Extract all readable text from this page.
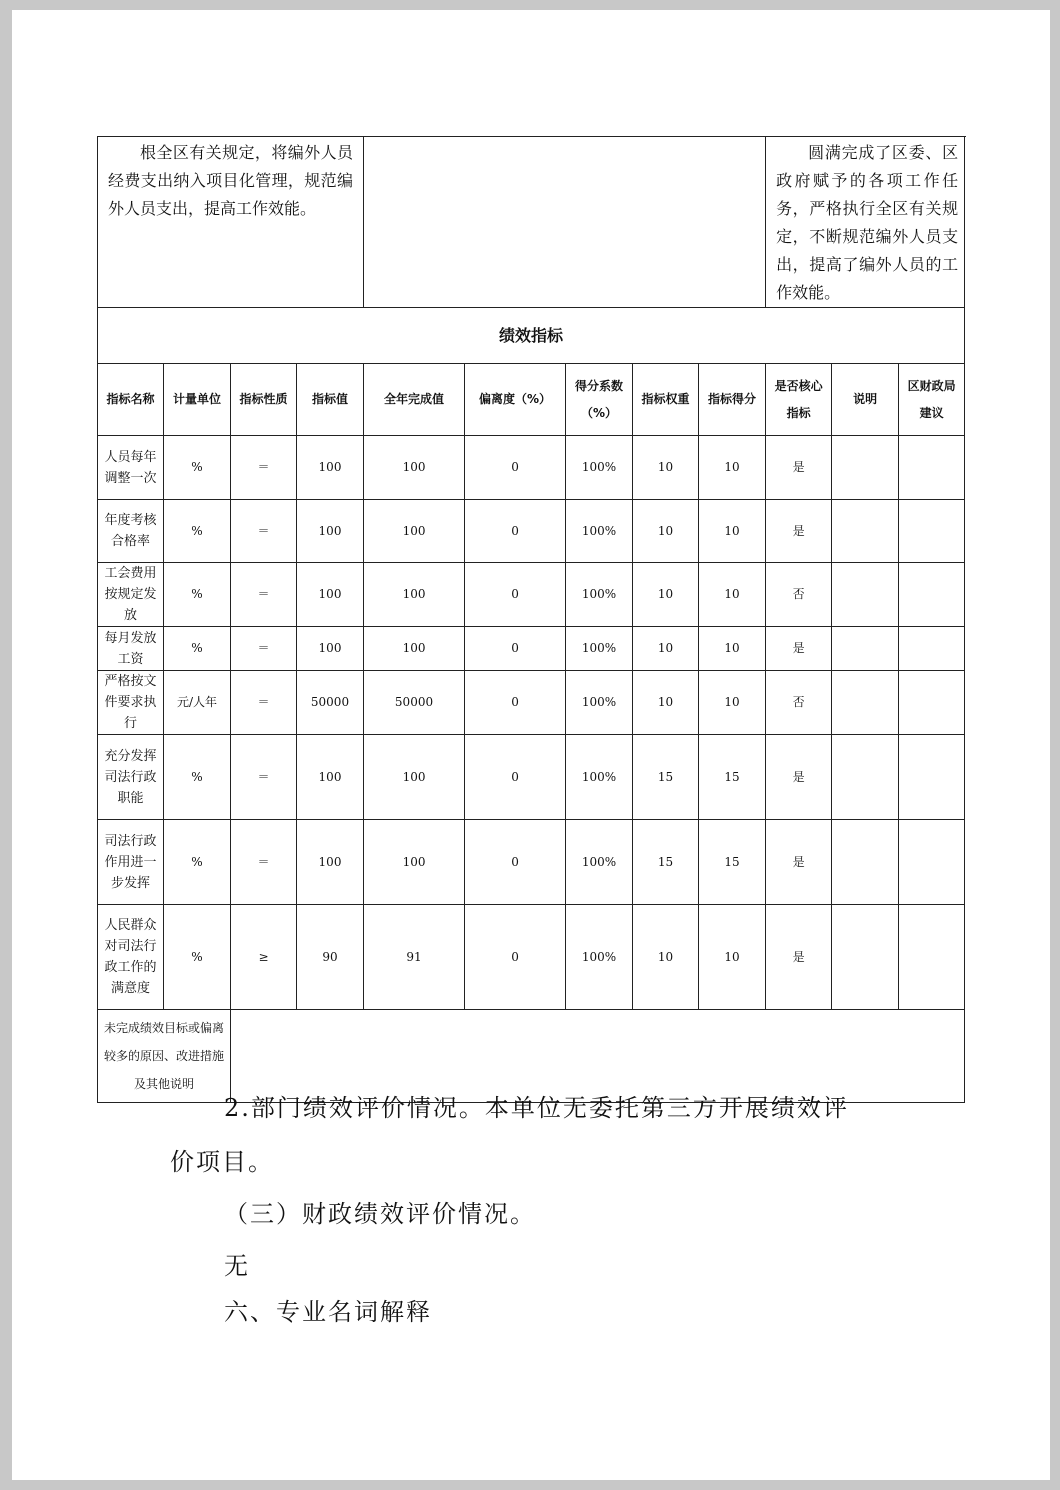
根全区有关规定，将编外人员经费支出纳入项目化管理，规范编外人员支出，提高工作效能。									圆满完成了区委、区政府赋予的各项工作任务，严格执行全区有关规定，不断规范编外人员支出，提高了编外人员的工作效能。		
绩效指标											
指标名称	计量单位	指标性质	指标值	全年完成值	偏离度（%）	得分系数（%）	指标权重	指标得分	是否核心指标	说明	区财政局建议
人员每年调整一次	%	＝	100	100	0	100%	10	10	是		
年度考核合格率	%	＝	100	100	0	100%	10	10	是		
工会费用按规定发放	%	＝	100	100	0	100%	10	10	否		
每月发放工资	%	＝	100	100	0	100%	10	10	是		
严格按文件要求执行	元/人年	＝	50000	50000	0	100%	10	10	否		
充分发挥司法行政职能	%	＝	100	100	0	100%	15	15	是		
司法行政作用进一步发挥	%	＝	100	100	0	100%	15	15	是		
人民群众对司法行政工作的满意度	%	≥	90	91	0	100%	10	10	是		
未完成绩效目标或偏离较多的原因、改进措施及其他说明											
2.部门绩效评价情况。本单位无委托第三方开展绩效评
价项目。
（三）财政绩效评价情况。
无
六、专业名词解释
